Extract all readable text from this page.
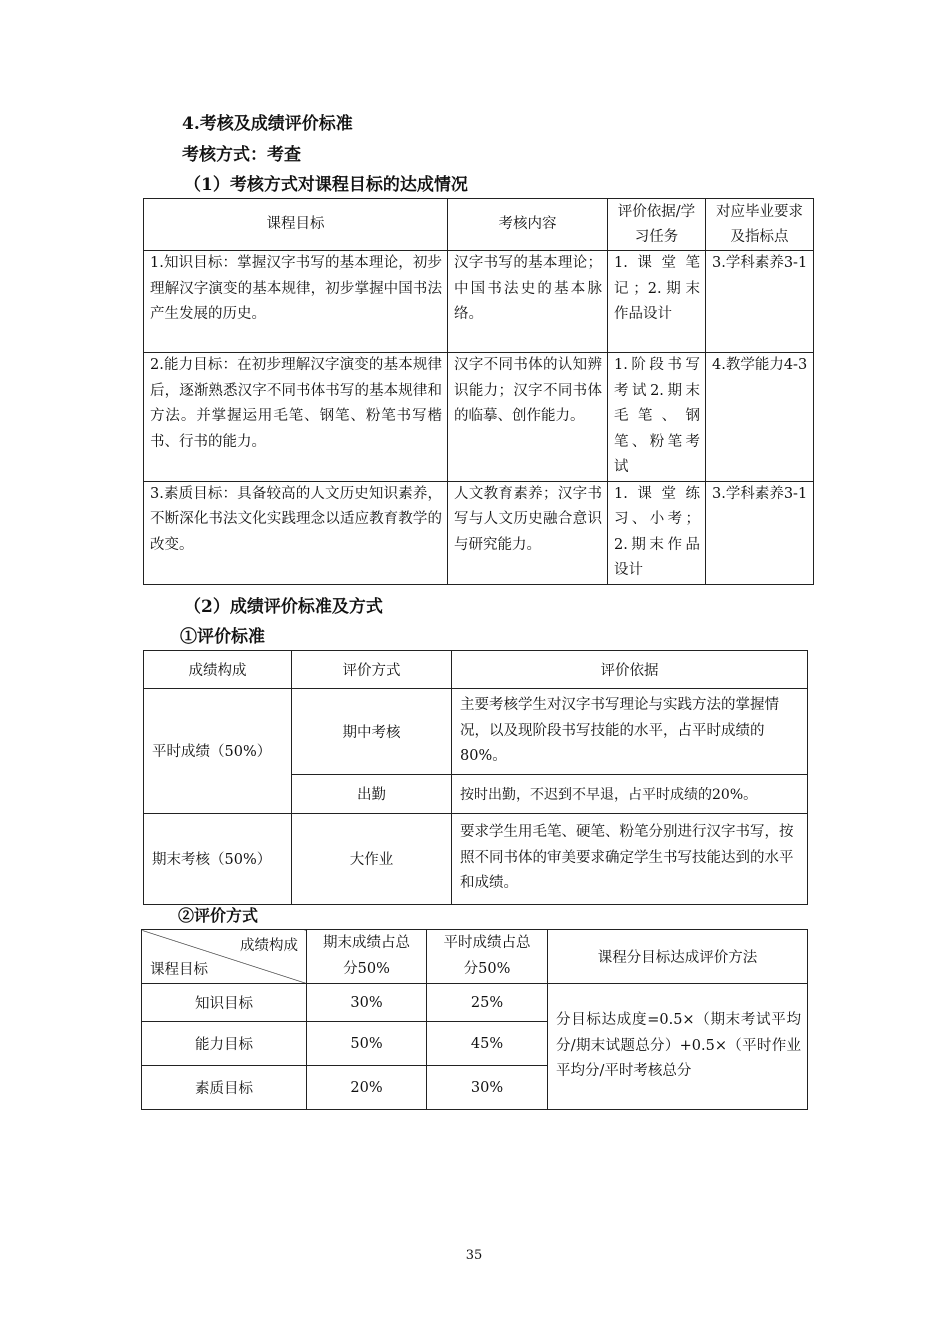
4.考核及成绩评价标准

考核方式：考查

（1）考核方式对课程目标的达成情况

课程目标	考核内容	评价依据/学习任务	对应毕业要求及指标点

1.知识目标：掌握汉字书写的基本理论，初步理解汉字演变的基本规律，初步掌握中国书法产生发展的历史。	汉字书写的基本理论；中国书法史的基本脉络。	1.课堂笔记；2.期末作品设计	3.学科素养3-1
2.能力目标：在初步理解汉字演变的基本规律后，逐渐熟悉汉字不同书体书写的基本规律和方法。并掌握运用毛笔、钢笔、粉笔书写楷书、行书的能力。	汉字不同书体的认知辨识能力；汉字不同书体的临摹、创作能力。	1.阶段书写考试2.期末毛笔、钢笔、粉笔考试	4.教学能力4-3
3.素质目标：具备较高的人文历史知识素养，不断深化书法文化实践理念以适应教育教学的改变。	人文教育素养；汉字书写与人文历史融合意识与研究能力。	1.课堂练习、小考；2.期末作品设计	3.学科素养3-1

（2）成绩评价标准及方式

①评价标准

成绩构成	评价方式	评价依据
平时成绩（50%）	期中考核	主要考核学生对汉字书写理论与实践方法的掌握情况，以及现阶段书写技能的水平，占平时成绩的80%。
	出勤	按时出勤，不迟到不早退，占平时成绩的20%。
期末考核（50%）	大作业	要求学生用毛笔、硬笔、粉笔分别进行汉字书写，按照不同书体的审美要求确定学生书写技能达到的水平和成绩。

②评价方式

成绩构成
课程目标	期末成绩占总分50%	平时成绩占总分50%	课程分目标达成评价方法
知识目标	30%	25%	分目标达成度=0.5×（期末考试平均分/期末试题总分）+0.5×（平时作业平均分/平时考核总分
能力目标	50%	45%	
素质目标	20%	30%	
35
